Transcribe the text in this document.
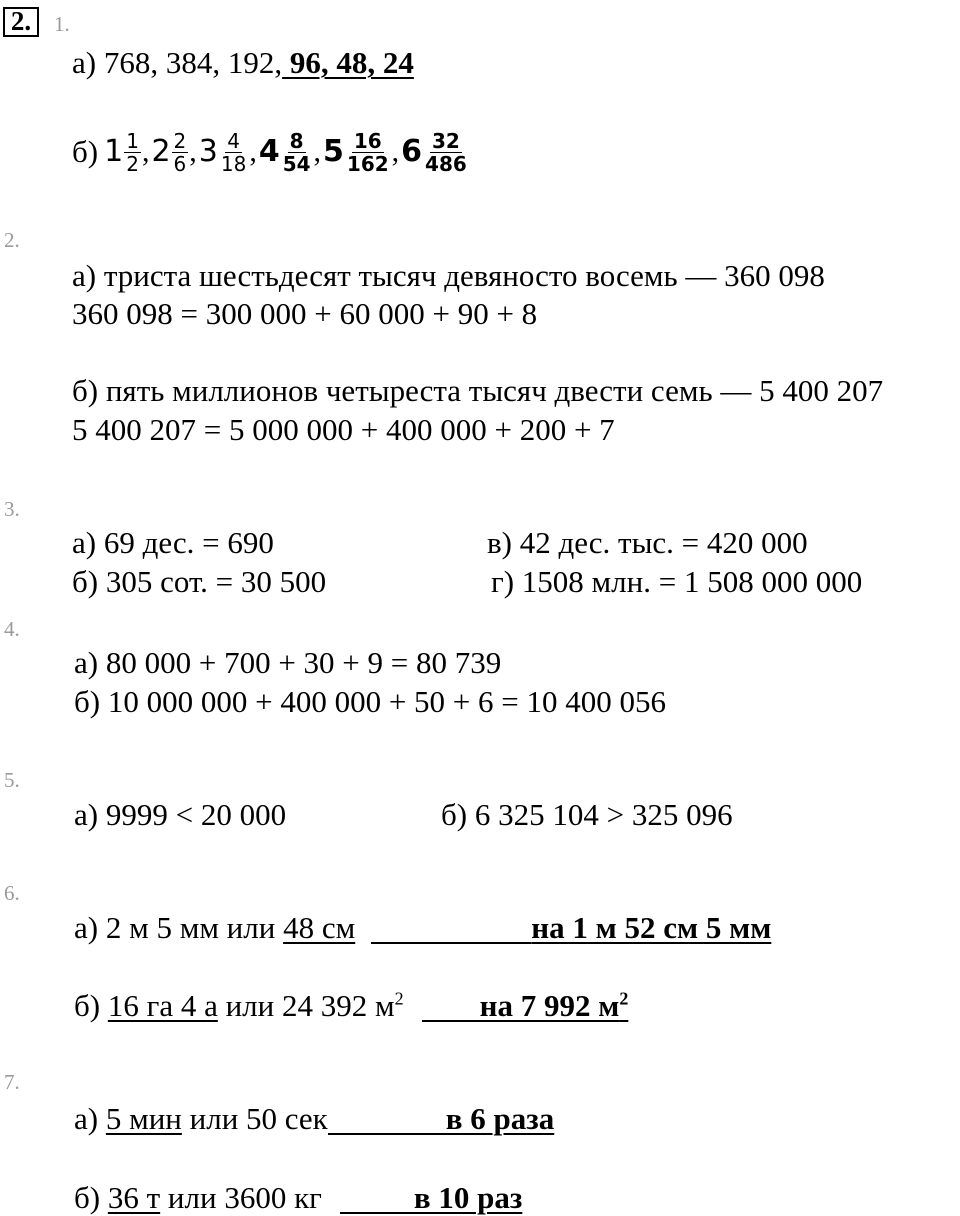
2.	1.
а) 768, 384, 192, 96, 48, 24
б) $1 \frac{1}{2}$ , $2 \frac{2}{6}$ , $3 \frac{4}{18}$ , $4 \frac{8}{54}$ , $5 \frac{16}{162}$ , $6 \frac{32}{486}$
2.
а) триста шестьдесят тысяч девяносто восемь — 360 098
360 098 = 300 000 + 60 000 + 90 + 8
б) пять миллионов четыреста тысяч двести семь — 5 400 207
5 400 207 = 5 000 000 + 400 000 + 200 + 7
3.
а) 69 дес. = 690
б) 305 сот. = 30 500
в) 42 дес. тыс. = 420 000
г) 1508 млн. = 1 508 000 000
4.
а) 80 000 + 700 + 30 + 9 = 80 739
б) 10 000 000 + 400 000 + 50 + 6 = 10 400 056
5.
а) 9999 < 20 000	б) 6 325 104 > 325 096
6.
а) 2 м 5 мм или 48 см	на 1 м 52 см 5 мм
б) 16 га 4 а или 24 392 $м^2$ на 7 992 $м^2$
7.
а) 5 мин или 50 сек	в 6 раза
б) 36 т или 3600 кг	в 10 раз
